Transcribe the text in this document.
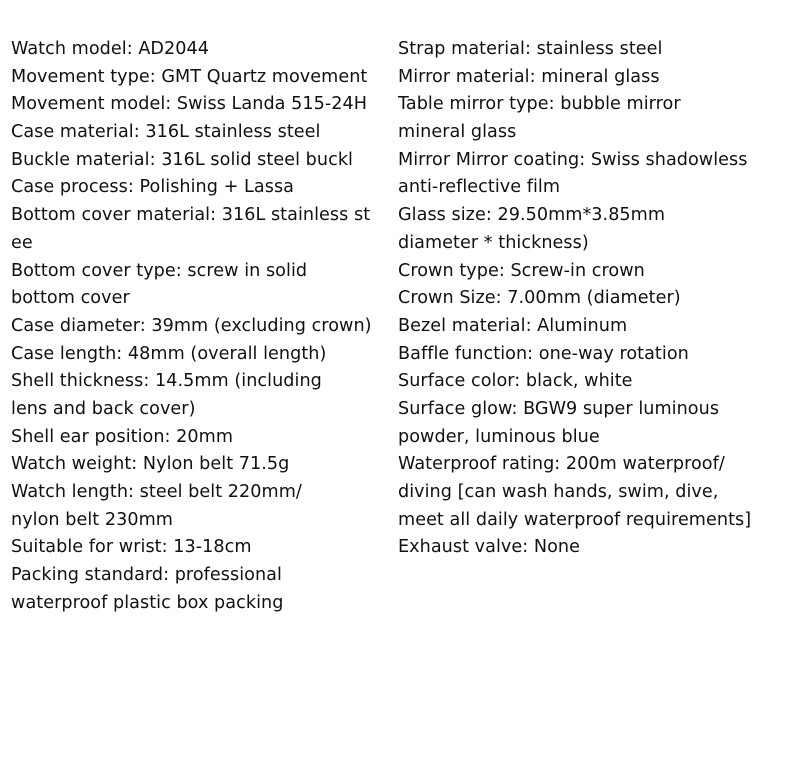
Watch model: AD2044
Movement type: GMT Quartz movement
Movement model: Swiss Landa 515-24H
Case material: 316L stainless steel
Buckle material: 316L solid steel buckl
Case process: Polishing + Lassa
Bottom cover material: 316L stainless st
ee
Bottom cover type: screw in solid
bottom cover
Case diameter: 39mm (excluding crown)
Case length: 48mm (overall length)
Shell thickness: 14.5mm (including
lens and back cover)
Shell ear position: 20mm
Watch weight: Nylon belt 71.5g
Watch length: steel belt 220mm/
nylon belt 230mm
Suitable for wrist: 13-18cm
Packing standard: professional
waterproof plastic box packing
Strap material: stainless steel
Mirror material: mineral glass
Table mirror type: bubble mirror
mineral glass
Mirror Mirror coating: Swiss shadowless
anti-reflective film
Glass size: 29.50mm*3.85mm
diameter * thickness)
Crown type: Screw-in crown
Crown Size: 7.00mm (diameter)
Bezel material: Aluminum
Baffle function: one-way rotation
Surface color: black, white
Surface glow: BGW9 super luminous
powder, luminous blue
Waterproof rating: 200m waterproof/
diving [can wash hands, swim, dive,
meet all daily waterproof requirements]
Exhaust valve: None
